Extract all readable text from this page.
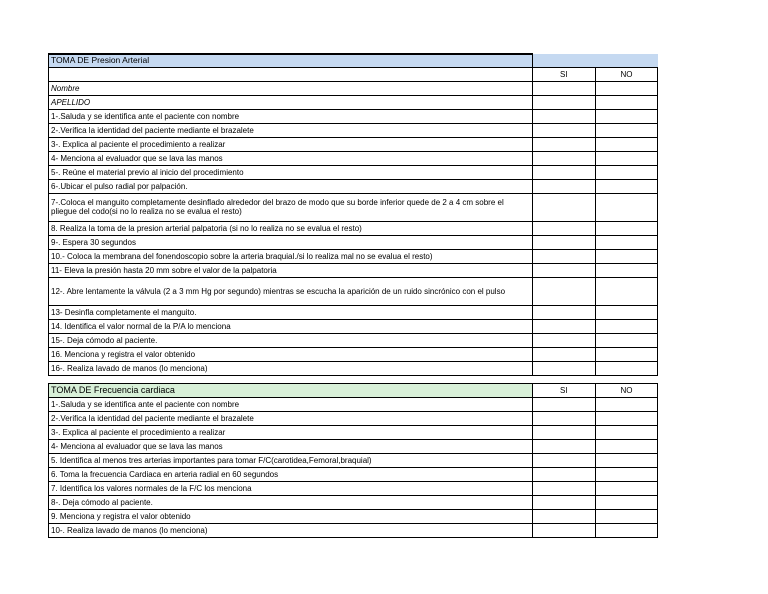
TOMA DE Presion Arterial		
	SI	NO
Nombre		
APELLIDO		
1-.Saluda y se identifica ante el paciente con nombre		
2-.Verifica la identidad del paciente mediante el brazalete		
3-. Explica al paciente el procedimiento a realizar		
4- Menciona al evaluador que se lava las manos		
5-. Reúne el material previo al inicio del procedimiento		
6-.Ubicar el pulso radial por palpación.		
7-.Coloca el manguito completamente desinflado alrededor del brazo de modo que su borde inferior quede de 2 a 4 cm sobre el pliegue del codo(si no lo realiza no se evalua el resto)		
8. Realiza la toma de la presion arterial palpatoria (si no lo realiza no se evalua el resto)		
9-. Espera 30 segundos		
10.- Coloca la membrana del fonendoscopio sobre la arteria braquial./si lo realiza mal no se evalua el resto)		
11- Eleva la presión hasta 20 mm sobre el valor de la palpatoria		
12-. Abre lentamente la válvula (2 a 3 mm Hg por segundo) mientras se escucha la aparición de un ruido sincrónico con el pulso		
13- Desinfla completamente el manguito.		
14. Identifica el valor normal de la P/A lo menciona		
15-. Deja cómodo al paciente.		
16. Menciona y registra el valor obtenido		
16-. Realiza lavado de manos (lo menciona)		
TOMA DE Frecuencia cardiaca	SI	NO
1-.Saluda y se identifica ante el paciente con nombre		
2-.Verifica la identidad del paciente mediante el brazalete		
3-. Explica al paciente el procedimiento a realizar		
4- Menciona al evaluador que se lava las manos		
5. Identifica al menos tres arterias importantes para tomar F/C(carotidea,Femoral,braquial)		
6. Toma la frecuencia Cardiaca en arteria radial en 60 segundos		
7. Identifica los valores normales de la F/C los menciona		
8-. Deja cómodo al paciente.		
9. Menciona y registra el valor obtenido		
10-. Realiza lavado de manos (lo menciona)		
